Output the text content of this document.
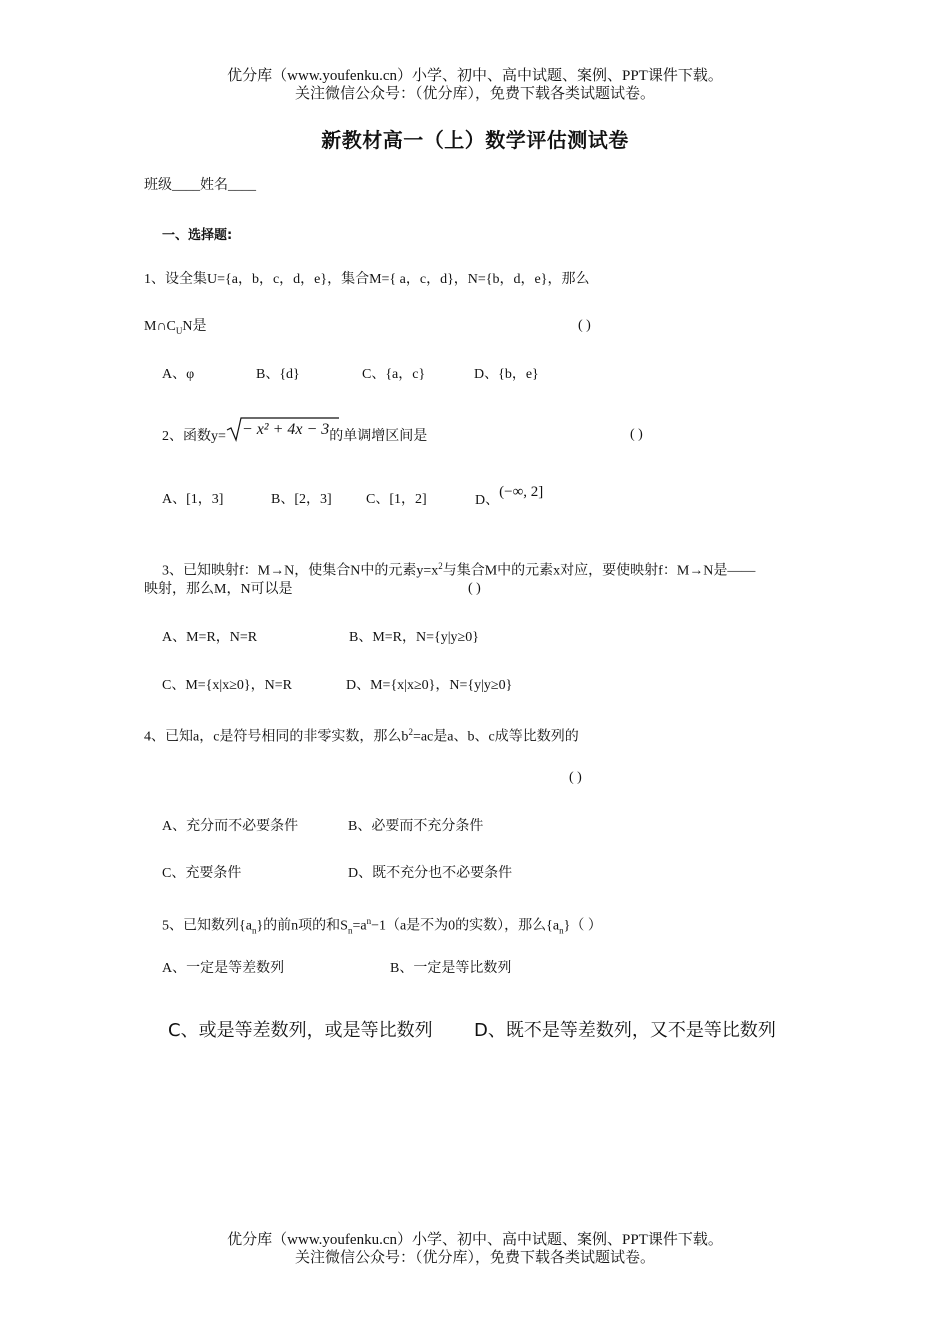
优分库（www.youfenku.cn）小学、初中、高中试题、案例、PPT课件下载。
关注微信公众号：（优分库），免费下载各类试题试卷。
新教材高一（上）数学评估测试卷
班级____姓名____
一、选择题:
1、设全集U={a，b，c，d，e}，集合M={ a，c，d}，N={b，d，e}，那么
$M\cap C_UN$是	( )
A、φ	B、{d}	C、{a，c}	D、{b，e}
2、函数y= − x² + 4x − 3的单调增区间是	( )
A、[1，3]	B、[2，3] C、[1，2]	D、(−∞, 2]
3、已知映射f：M→N，使集合N中的元素$y=x^2$与集合M中的元素x对应，要使映射f：M→N是——
映射，那么M，N可以是	( )
A、M=R，N=R	B、M=R，N={y|y≥0}
C、M={x|x≥0}，N=R	D、M={x|x≥0}，N={y|y≥0}
4、已知a，c是符号相同的非零实数，那么$b^2=ac$是a、b、c成等比数列的
( )
A、充分而不必要条件	B、必要而不充分条件
C、充要条件	D、既不充分也不必要条件
5、已知数列$\{a_n\}$的前n项的和$S_n=a^n-1(a$是不为0的实数），那么$\{a_n\}$（ ）
A、一定是等差数列	B、一定是等比数列
C、或是等差数列，或是等比数列 D、既不是等差数列，又不是等比数列
优分库（www.youfenku.cn）小学、初中、高中试题、案例、PPT课件下载。
关注微信公众号：（优分库），免费下载各类试题试卷。
